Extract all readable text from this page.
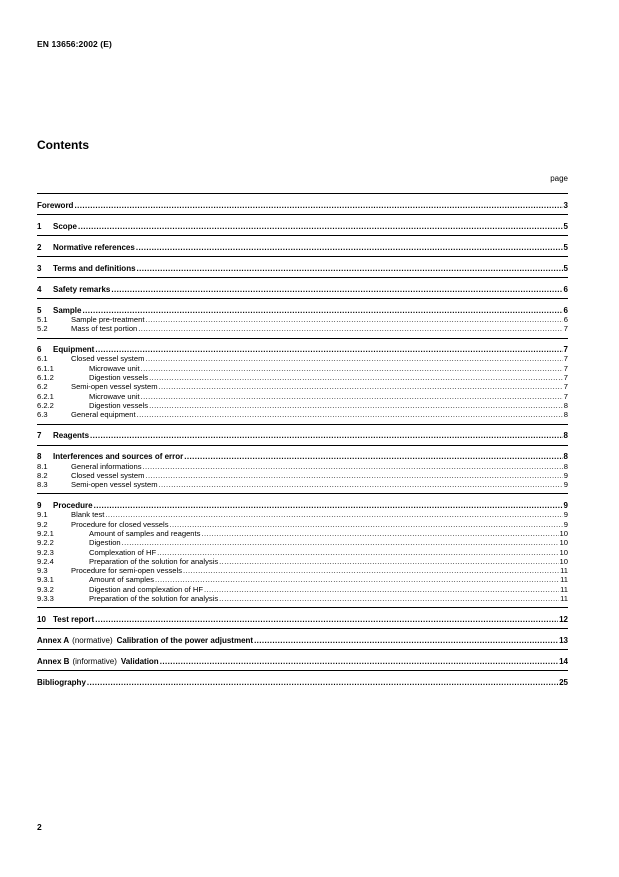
EN 13656:2002 (E)
Contents
page
Foreword .....	3
1	Scope .....	5
2	Normative references .....	5
3	Terms and definitions .....	5
4	Safety remarks .....	6
5	Sample .....	6
5.1	Sample pre-treatment .....	6
5.2	Mass of test portion .....	7
6	Equipment .....	7
6.1	Closed vessel system .....	7
6.1.1	Microwave unit .....	7
6.1.2	Digestion vessels .....	7
6.2	Semi-open vessel system .....	7
6.2.1	Microwave unit .....	7
6.2.2	Digestion vessels .....	8
6.3	General equipment .....	8
7	Reagents .....	8
8	Interferences and sources of error .....	8
8.1	General informations .....	8
8.2	Closed vessel system .....	9
8.3	Semi-open vessel system .....	9
9	Procedure .....	9
9.1	Blank test .....	9
9.2	Procedure for closed vessels .....	9
9.2.1	Amount of samples and reagents .....	10
9.2.2	Digestion .....	10
9.2.3	Complexation of HF .....	10
9.2.4	Preparation of the solution for analysis .....	10
9.3	Procedure for semi-open vessels .....	11
9.3.1	Amount of samples .....	11
9.3.2	Digestion and complexation of HF .....	11
9.3.3	Preparation of the solution for analysis .....	11
10 Test report .....	12
Annex A (normative) Calibration of the power adjustment .....	13
Annex B (informative) Validation .....	14
Bibliography .....	25
2
